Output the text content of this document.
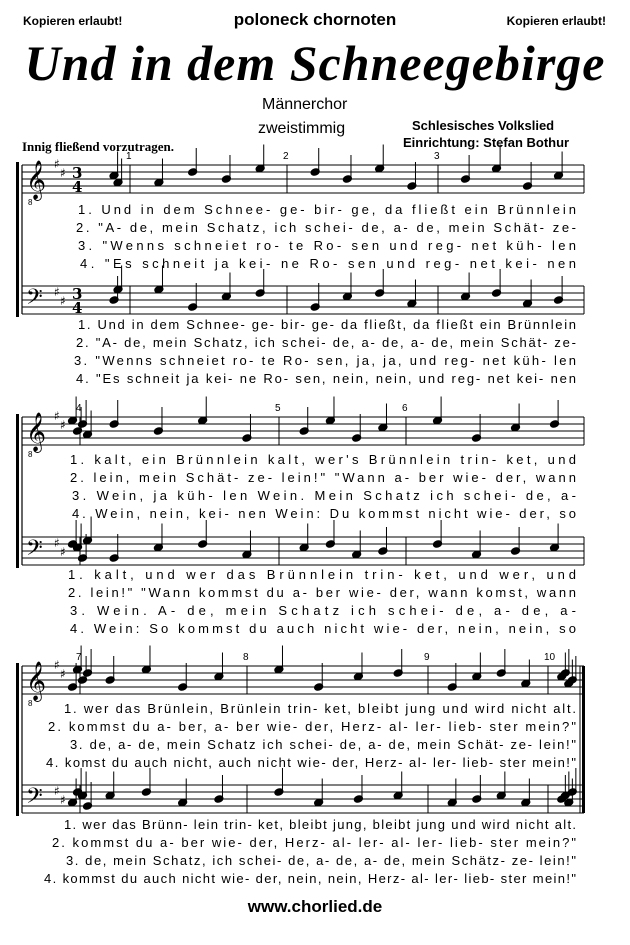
Kopieren erlaubt!	Kopieren erlaubt!
poloneck chornoten
Und in dem Schneegebirge
Männerchor
zweistimmig	Schlesisches Volkslied
Einrichtung: Stefan Bothur
Innig fließend vorzutragen.
𝄞
𝄢
8
♯
♯
♯
♯
3
4
3
4
1	2	3
1. Und in dem Schnee- ge- bir- ge, da fließt ein Brünnlein
2. "A- de, mein Schatz, ich schei- de, a- de, mein Schät- ze-
3. "Wenns schneiet ro- te Ro- sen und reg- net küh- len
4. "Es schneit ja kei- ne Ro- sen und reg- net kei- nen
1. Und in dem Schnee- ge- bir- ge- da fließt, da fließt ein Brünnlein
2. "A- de, mein Schatz, ich schei- de, a- de, a- de, mein Schät- ze-
3. "Wenns schneiet ro- te Ro- sen, ja, ja, und reg- net küh- len
4. "Es schneit ja kei- ne Ro- sen, nein, nein, und reg- net kei- nen
𝄞
𝄢
8
♯
♯
♯
♯
4	5	6
1. kalt, ein Brünnlein kalt, wer's Brünnlein trin- ket, und
2. lein, mein Schät- ze- lein!" "Wann a- ber wie- der, wann
3. Wein, ja küh- len Wein. Mein Schatz ich schei- de, a-
4. Wein, nein, kei- nen Wein: Du kommst nicht wie- der, so
1. kalt, und wer das Brünnlein trin- ket, und wer, und
2. lein!" "Wann kommst du a- ber wie- der, wann komst, wann
3. Wein. A- de, mein Schatz ich schei- de, a- de, a-
4. Wein: So kommst du auch nicht wie- der, nein, nein, so
𝄞
𝄢
8
♯
♯
♯
♯
7	8	9	10
1. wer das Brünlein, Brünlein trin- ket, bleibt jung und wird nicht alt.
2. kommst du a- ber, a- ber wie- der, Herz- al- ler- lieb- ster mein?"
3. de, a- de, mein Schatz ich schei- de, a- de, mein Schät- ze- lein!"
4. komst du auch nicht, auch nicht wie- der, Herz- al- ler- lieb- ster mein!"
1. wer das Brünn- lein trin- ket, bleibt jung, bleibt jung und wird nicht alt.
2. kommst du a- ber wie- der, Herz- al- ler- al- ler- lieb- ster mein?"
3. de, mein Schatz, ich schei- de, a- de, a- de, mein Schätz- ze- lein!"
4. kommst du auch nicht wie- der, nein, nein, Herz- al- ler- lieb- ster mein!"
www.chorlied.de
